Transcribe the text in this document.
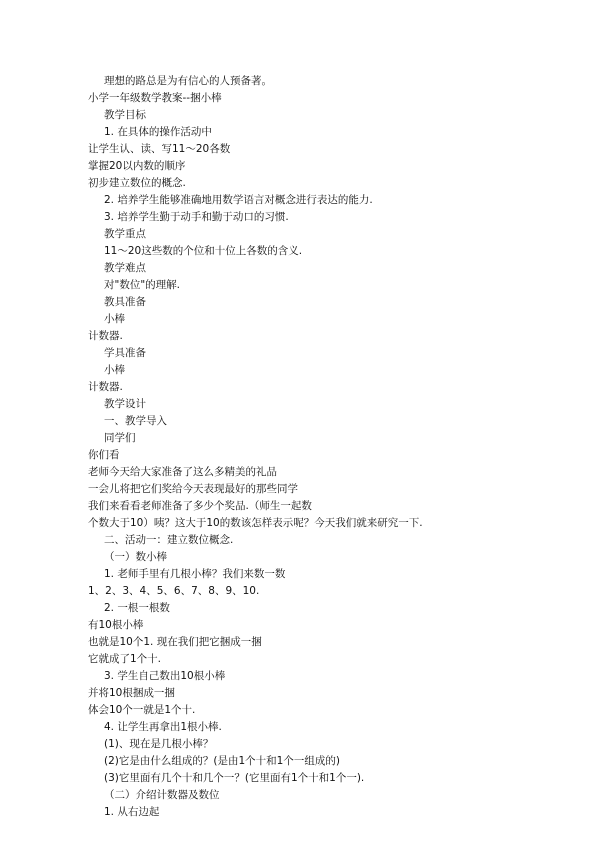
理想的路总是为有信心的人预备著。
小学一年级数学教案--捆小棒
教学目标
1. 在具体的操作活动中
让学生认、读、写11～20各数
掌握20以内数的顺序
初步建立数位的概念.
2. 培养学生能够准确地用数学语言对概念进行表达的能力.
3. 培养学生勤于动手和勤于动口的习惯.
教学重点
11～20这些数的个位和十位上各数的含义.
教学难点
对"数位"的理解.
教具准备
小棒
计数器.
学具准备
小棒
计数器.
教学设计
一、教学导入
同学们
你们看
老师今天给大家准备了这么多精美的礼品
一会儿将把它们奖给今天表现最好的那些同学
我们来看看老师准备了多少个奖品.（师生一起数
个数大于10）咦？这大于10的数该怎样表示呢？今天我们就来研究一下.
二、活动一：建立数位概念.
（一）数小棒
1. 老师手里有几根小棒？我们来数一数
1、2、3、4、5、6、7、8、9、10.
2. 一根一根数
有10根小棒
也就是10个1. 现在我们把它捆成一捆
它就成了1个十.
3. 学生自己数出10根小棒
并将10根捆成一捆
体会10个一就是1个十.
4. 让学生再拿出1根小棒.
(1)、现在是几根小棒？
(2)它是由什么组成的？(是由1个十和1个一组成的)
(3)它里面有几个十和几个一？(它里面有1个十和1个一).
（二）介绍计数器及数位
1. 从右边起
